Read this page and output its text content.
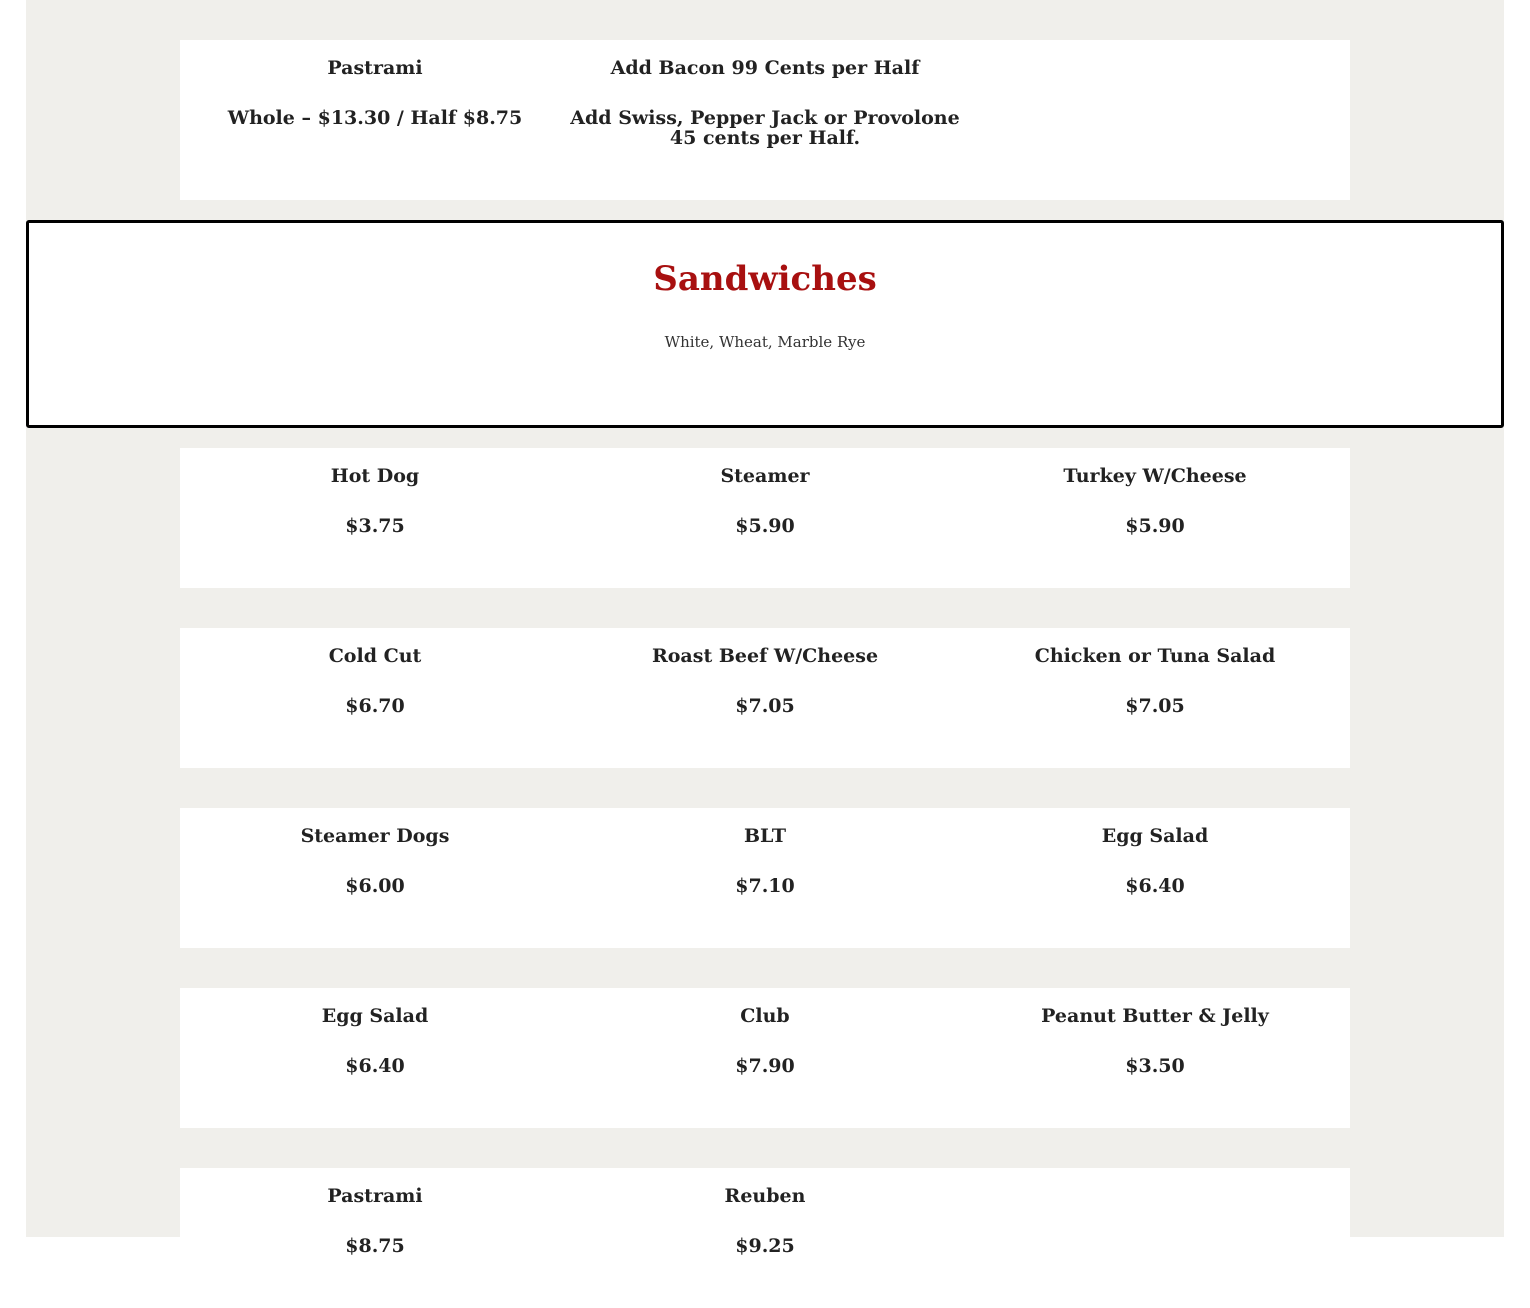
Pastrami
Whole – $13.30 / Half $8.75
Add Bacon 99 Cents per Half
Add Swiss, Pepper Jack or Provolone
45 cents per Half.
Sandwiches
White, Wheat, Marble Rye
Hot Dog
$3.75
Steamer
$5.90
Turkey W/Cheese
$5.90
Cold Cut
$6.70
Roast Beef W/Cheese
$7.05
Chicken or Tuna Salad
$7.05
Steamer Dogs
$6.00
BLT
$7.10
Egg Salad
$6.40
Egg Salad
$6.40
Club
$7.90
Peanut Butter & Jelly
$3.50
Pastrami
$8.75
Reuben
$9.25
